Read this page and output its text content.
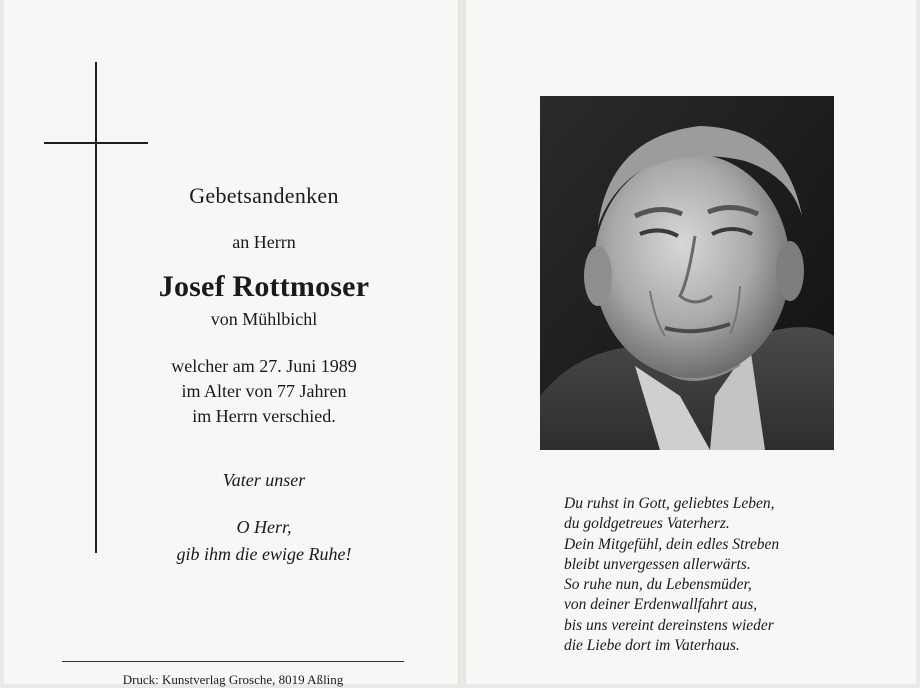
Gebetsandenken

an Herrn

Josef Rottmoser

von Mühlbichl

welcher am 27. Juni 1989
im Alter von 77 Jahren
im Herrn verschied.

Vater unser

O Herr,
gib ihm die ewige Ruhe!
Druck: Kunstverlag Grosche, 8019 Aßling
Du ruhst in Gott, geliebtes Leben,
du goldgetreues Vaterherz.
Dein Mitgefühl, dein edles Streben
bleibt unvergessen allerwärts.
So ruhe nun, du Lebensmüder,
von deiner Erdenwallfahrt aus,
bis uns vereint dereinstens wieder
die Liebe dort im Vaterhaus.
